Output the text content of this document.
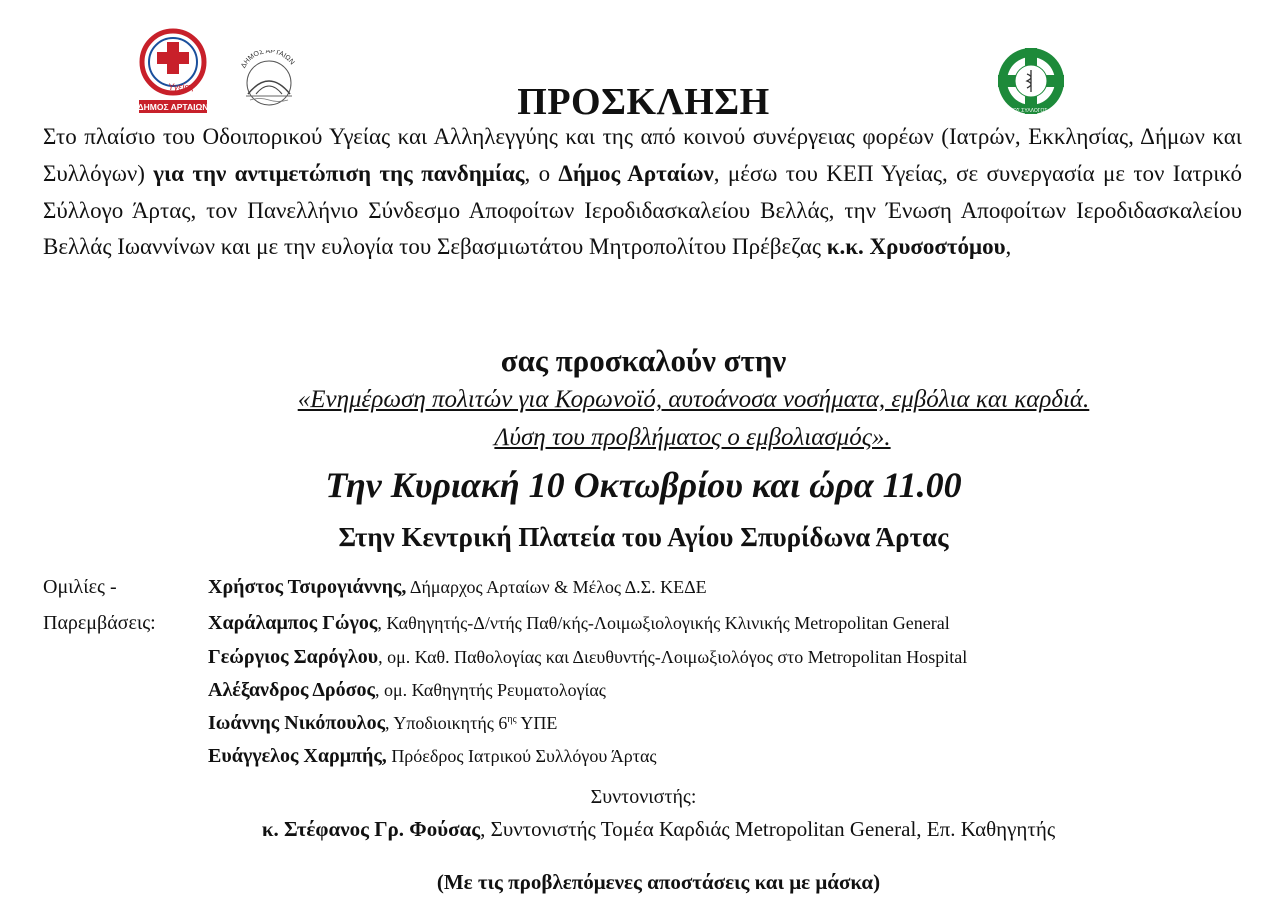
ΚΕΠ
Υγείας
ΔΗΜΟΣ ΑΡΤΑΙΩΝ
ΔΗΜΟΣ ΑΡΤΑΙΩΝ
ΙΑΤΡΙΚΟΣ ΣΥΛΛΟΓΟΣ ΑΡΤΑΣ
ΠΡΟΣΚΛΗΣΗ
Στο πλαίσιο του Οδοιπορικού Υγείας και Αλληλεγγύης και της από κοινού συνέργειας φορέων (Ιατρών, Εκκλησίας, Δήμων και Συλλόγων) για την αντιμετώπιση της πανδημίας, ο Δήμος Αρταίων, μέσω του ΚΕΠ Υγείας, σε συνεργασία με τον Ιατρικό Σύλλογο Άρτας, τον Πανελλήνιο Σύνδεσμο Αποφοίτων Ιεροδιδασκαλείου Βελλάς, την Ένωση Αποφοίτων Ιεροδιδασκαλείου Βελλάς Ιωαννίνων και με την ευλογία του Σεβασμιωτάτου Μητροπολίτου Πρέβεζας κ.κ. Χρυσοστόμου,
σας προσκαλούν στην
«Ενημέρωση πολιτών για Κορωνοϊό, αυτοάνοσα νοσήματα, εμβόλια και καρδιά.
Λύση του προβλήματος ο εμβολιασμός».
Την Κυριακή 10 Οκτωβρίου και ώρα 11.00
Στην Κεντρική Πλατεία του Αγίου Σπυρίδωνα Άρτας
Ομιλίες -
Παρεμβάσεις:
Χρήστος Τσιρογιάννης, Δήμαρχος Αρταίων & Μέλος Δ.Σ. ΚΕΔΕ
Χαράλαμπος Γώγος, Καθηγητής-Δ/ντής Παθ/κής-Λοιμωξιολογικής Κλινικής Metropolitan General
Γεώργιος Σαρόγλου, ομ. Καθ. Παθολογίας και Διευθυντής-Λοιμωξιολόγος στο Metropolitan Hospital
Αλέξανδρος Δρόσος, ομ. Καθηγητής Ρευματολογίας
Ιωάννης Νικόπουλος, Υποδιοικητής $6^{\eta\varsigma}$ ΥΠΕ
Ευάγγελος Χαρμπής, Πρόεδρος Ιατρικού Συλλόγου Άρτας
Συντονιστής:
κ. Στέφανος Γρ. Φούσας, Συντονιστής Τομέα Καρδιάς Metropolitan General, Επ. Καθηγητής
(Με τις προβλεπόμενες αποστάσεις και με μάσκα)
